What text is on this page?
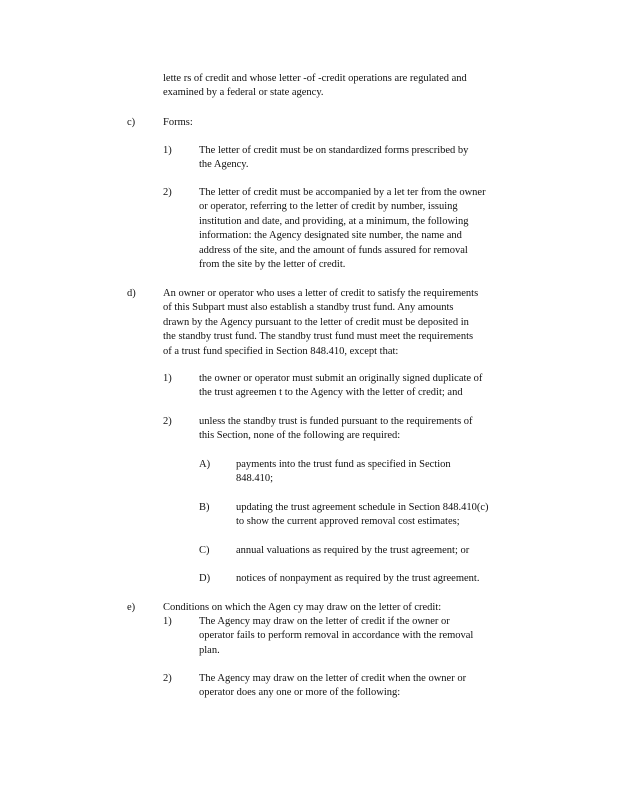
lette rs of credit and whose letter -of -credit operations are regulated and
examined by a federal or state agency.
c)	Forms:
1)	The letter of credit must be on standardized forms prescribed by
the Agency.
2)	The letter of credit must be accompanied by a let ter from the owner
or operator, referring to the letter of credit by number, issuing
institution and date, and providing, at a minimum, the following
information: the Agency designated site number, the name and
address of the site, and the amount of funds assured for removal
from the site by the letter of credit.
d)	An owner or operator who uses a letter of credit to satisfy the requirements
of this Subpart must also establish a standby trust fund. Any amounts
drawn by the Agency pursuant to the letter of credit must be deposited in
the standby trust fund. The standby trust fund must meet the requirements
of a trust fund specified in Section 848.410, except that:
1)	the owner or operator must submit an originally signed duplicate of
the trust agreemen t to the Agency with the letter of credit; and
2)	unless the standby trust is funded pursuant to the requirements of
this Section, none of the following are required:
A) payments into the trust fund as specified in Section
848.410;
B)	updating the trust agreement schedule in Section 848.410(c)
to show the current approved removal cost estimates;
C)	annual valuations as required by the trust agreement; or
D) notices of nonpayment as required by the trust agreement.
e)	Conditions on which the Agen cy may draw on the letter of credit:
1)	The Agency may draw on the letter of credit if the owner or
operator fails to perform removal in accordance with the removal
plan.
2)	The Agency may draw on the letter of credit when the owner or
operator does any one or more of the following:
